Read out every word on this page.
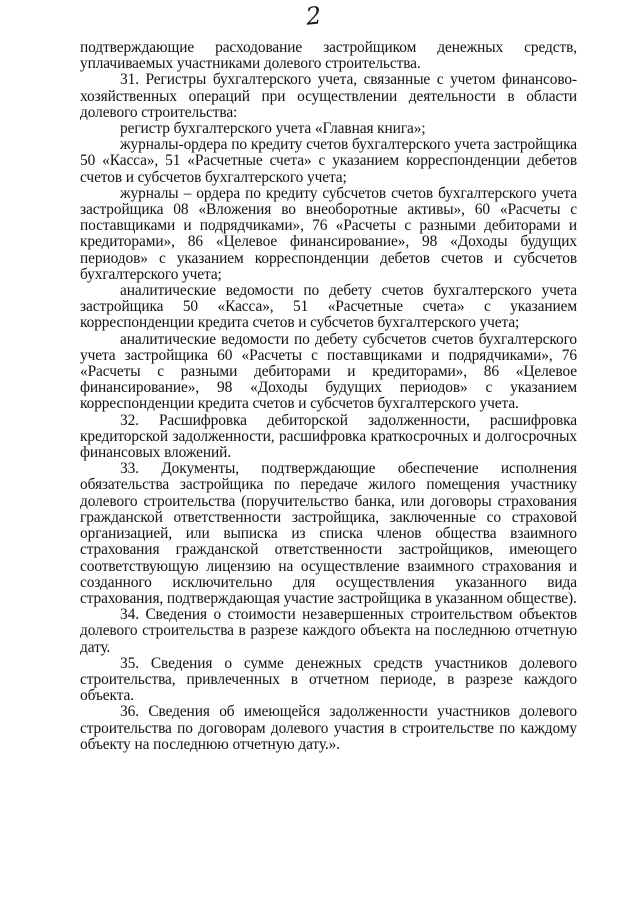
2

подтверждающие расходование застройщиком денежных средств, уплачиваемых участниками долевого строительства.

31. Регистры бухгалтерского учета, связанные с учетом финансово-хозяйственных операций при осуществлении деятельности в области долевого строительства:

регистр бухгалтерского учета «Главная книга»;

журналы-ордера по кредиту счетов бухгалтерского учета застройщика 50 «Касса», 51 «Расчетные счета» с указанием корреспонденции дебетов счетов и субсчетов бухгалтерского учета;

журналы – ордера по кредиту субсчетов счетов бухгалтерского учета застройщика 08 «Вложения во внеоборотные активы», 60 «Расчеты с поставщиками и подрядчиками», 76 «Расчеты с разными дебиторами и кредиторами», 86 «Целевое финансирование», 98 «Доходы будущих периодов» с указанием корреспонденции дебетов счетов и субсчетов бухгалтерского учета;

аналитические ведомости по дебету счетов бухгалтерского учета застройщика 50 «Касса», 51 «Расчетные счета» с указанием корреспонденции кредита счетов и субсчетов бухгалтерского учета;

аналитические ведомости по дебету субсчетов счетов бухгалтерского учета застройщика 60 «Расчеты с поставщиками и подрядчиками», 76 «Расчеты с разными дебиторами и кредиторами», 86 «Целевое финансирование», 98 «Доходы будущих периодов» с указанием корреспонденции кредита счетов и субсчетов бухгалтерского учета.

32. Расшифровка дебиторской задолженности, расшифровка кредиторской задолженности, расшифровка краткосрочных и долгосрочных финансовых вложений.

33. Документы, подтверждающие обеспечение исполнения обязательства застройщика по передаче жилого помещения участнику долевого строительства (поручительство банка, или договоры страхования гражданской ответственности застройщика, заключенные со страховой организацией, или выписка из списка членов общества взаимного страхования гражданской ответственности застройщиков, имеющего соответствующую лицензию на осуществление взаимного страхования и созданного исключительно для осуществления указанного вида страхования, подтверждающая участие застройщика в указанном обществе).

34. Сведения о стоимости незавершенных строительством объектов долевого строительства в разрезе каждого объекта на последнюю отчетную дату.

35. Сведения о сумме денежных средств участников долевого строительства, привлеченных в отчетном периоде, в разрезе каждого объекта.

36. Сведения об имеющейся задолженности участников долевого строительства по договорам долевого участия в строительстве по каждому объекту на последнюю отчетную дату.».
